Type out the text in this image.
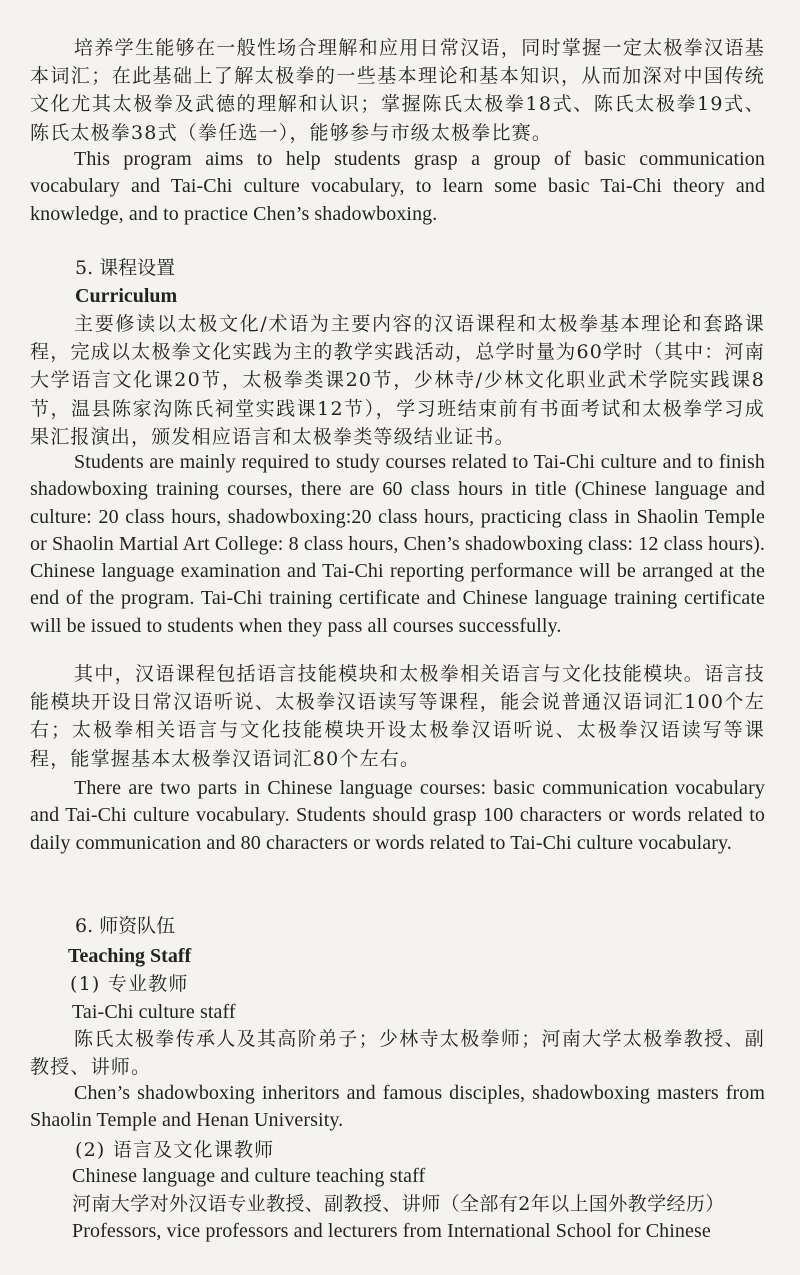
培养学生能够在一般性场合理解和应用日常汉语，同时掌握一定太极拳汉语基本词汇；在此基础上了解太极拳的一些基本理论和基本知识，从而加深对中国传统文化尤其太极拳及武德的理解和认识；掌握陈氏太极拳18式、陈氏太极拳19式、陈氏太极拳38式（拳任选一），能够参与市级太极拳比赛。

This program aims to help students grasp a group of basic communication vocabulary and Tai-Chi culture vocabulary, to learn some basic Tai-Chi theory and knowledge, and to practice Chen’s shadowboxing.

5. 课程设置
Curriculum

主要修读以太极文化/术语为主要内容的汉语课程和太极拳基本理论和套路课程，完成以太极拳文化实践为主的教学实践活动，总学时量为60学时（其中：河南大学语言文化课20节，太极拳类课20节，少林寺/少林文化职业武术学院实践课8节，温县陈家沟陈氏祠堂实践课12节），学习班结束前有书面考试和太极拳学习成果汇报演出，颁发相应语言和太极拳类等级结业证书。

Students are mainly required to study courses related to Tai-Chi culture and to finish shadowboxing training courses, there are 60 class hours in title (Chinese language and culture: 20 class hours, shadowboxing:20 class hours, practicing class in Shaolin Temple or Shaolin Martial Art College: 8 class hours, Chen’s shadowboxing class: 12 class hours). Chinese language examination and Tai-Chi reporting performance will be arranged at the end of the program. Tai-Chi training certificate and Chinese language training certificate will be issued to students when they pass all courses successfully.

其中，汉语课程包括语言技能模块和太极拳相关语言与文化技能模块。语言技能模块开设日常汉语听说、太极拳汉语读写等课程，能会说普通汉语词汇100个左右；太极拳相关语言与文化技能模块开设太极拳汉语听说、太极拳汉语读写等课程，能掌握基本太极拳汉语词汇80个左右。

There are two parts in Chinese language courses: basic communication vocabulary and Tai-Chi culture vocabulary. Students should grasp 100 characters or words related to daily communication and 80 characters or words related to Tai-Chi culture vocabulary.

6. 师资队伍
Teaching Staff
(1) 专业教师
Tai-Chi culture staff

陈氏太极拳传承人及其高阶弟子；少林寺太极拳师；河南大学太极拳教授、副教授、讲师。

Chen’s shadowboxing inheritors and famous disciples, shadowboxing masters from Shaolin Temple and Henan University.

(2) 语言及文化课教师
Chinese language and culture teaching staff
河南大学对外汉语专业教授、副教授、讲师（全部有2年以上国外教学经历）
Professors, vice professors and lecturers from International School for Chinese
